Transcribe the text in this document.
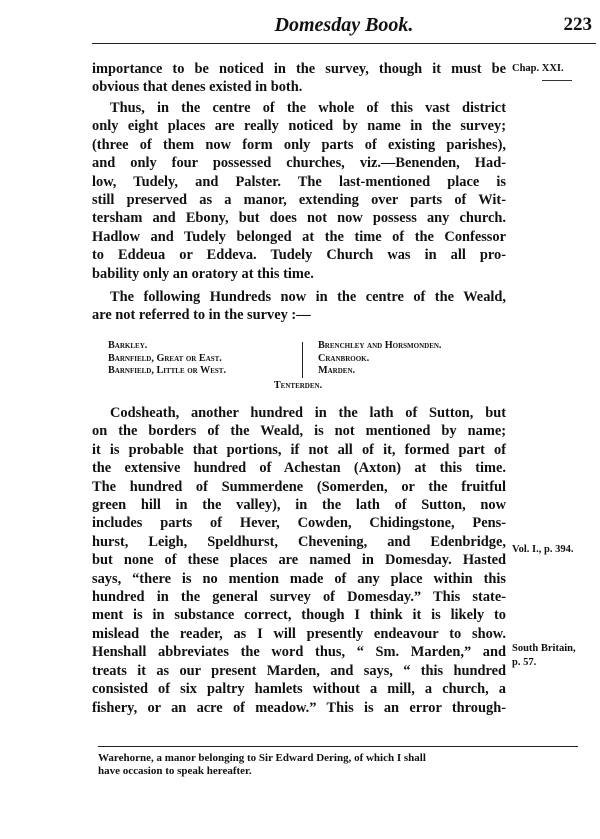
Domesday Book.	223
importance to be noticed in the survey, though it must be
obvious that denes existed in both.
Thus, in the centre of the whole of this vast district
only eight places are really noticed by name in the survey;
(three of them now form only parts of existing parishes),
and only four possessed churches, viz.—Benenden, Had-
low, Tudely, and Palster. The last-mentioned place is
still preserved as a manor, extending over parts of Wit-
tersham and Ebony, but does not now possess any church.
Hadlow and Tudely belonged at the time of the Confessor
to Eddeua or Eddeva. Tudely Church was in all pro-
bability only an oratory at this time.
The following Hundreds now in the centre of the Weald,
are not referred to in the survey :—
Barkley.
Barnfield, Great or East.
Barnfield, Little or West.
Brenchley and Horsmonden.
Cranbrook.
Marden.
Tenterden.
Codsheath, another hundred in the lath of Sutton, but
on the borders of the Weald, is not mentioned by name;
it is probable that portions, if not all of it, formed part of
the extensive hundred of Achestan (Axton) at this time.
The hundred of Summerdene (Somerden, or the fruitful
green hill in the valley), in the lath of Sutton, now
includes parts of Hever, Cowden, Chidingstone, Pens-
hurst, Leigh, Speldhurst, Chevening, and Edenbridge,
but none of these places are named in Domesday. Hasted
says, “there is no mention made of any place within this
hundred in the general survey of Domesday.” This state-
ment is in substance correct, though I think it is likely to
mislead the reader, as I will presently endeavour to show.
Henshall abbreviates the word thus, “ Sm. Marden,” and
treats it as our present Marden, and says, “ this hundred
consisted of six paltry hamlets without a mill, a church, a
fishery, or an acre of meadow.” This is an error through-
Chap. XXI.
Vol. I., p. 394.
South Britain,
p. 57.
Warehorne, a manor belonging to Sir Edward Dering, of which I shall
have occasion to speak hereafter.
